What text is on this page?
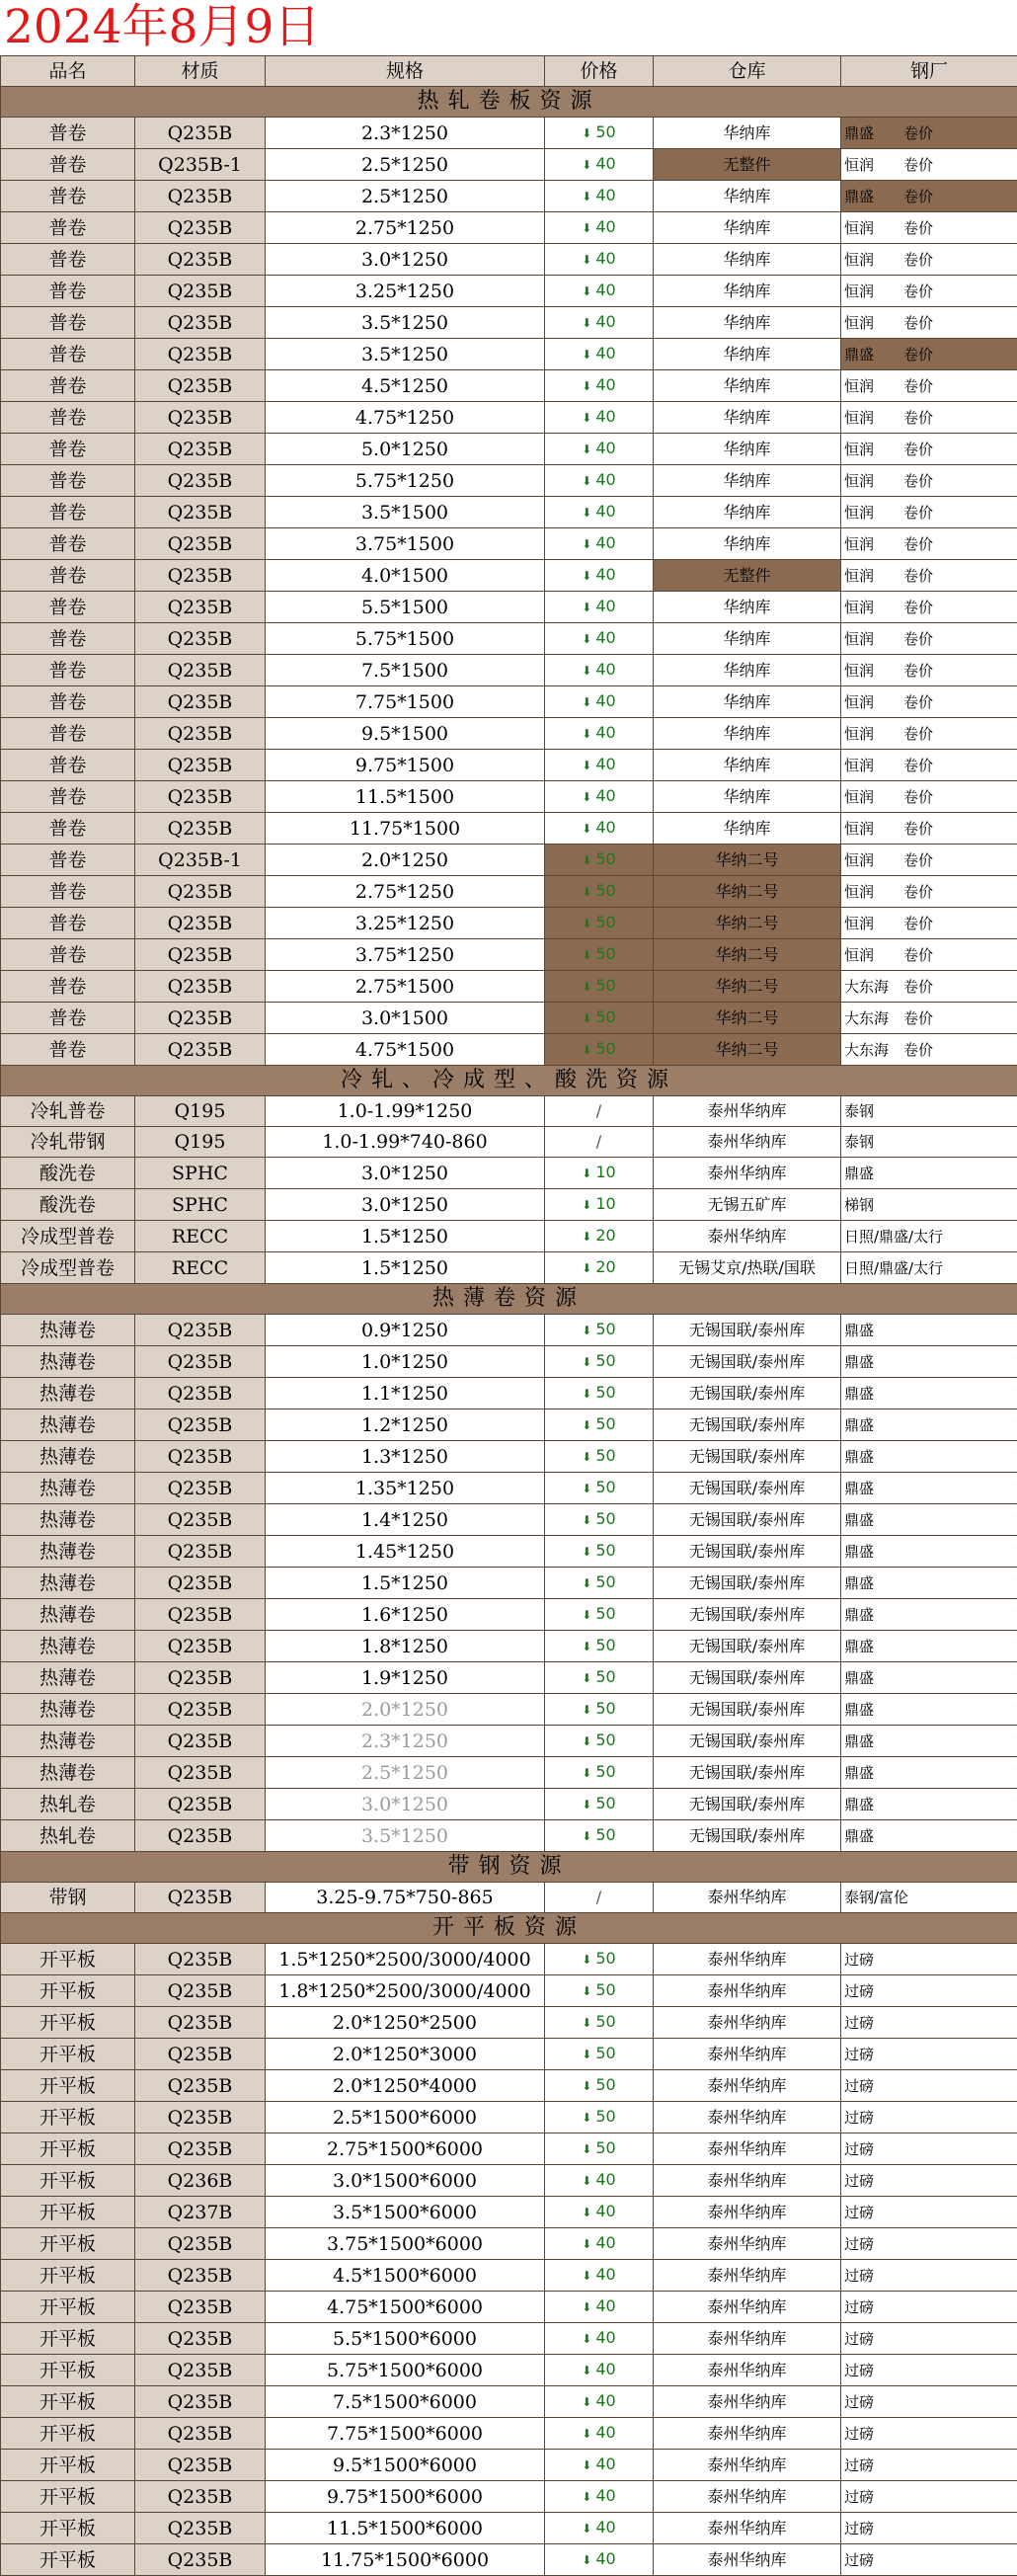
2024年8月9日
品名	材质	规格	价格	仓库	钢厂
热轧卷板资源					
普卷	Q235B	2.3*1250	⬇ 50	华纳库	鼎盛　　卷价
普卷	Q235B-1	2.5*1250	⬇ 40	无整件	恒润　　卷价
普卷	Q235B	2.5*1250	⬇ 40	华纳库	鼎盛　　卷价
普卷	Q235B	2.75*1250	⬇ 40	华纳库	恒润　　卷价
普卷	Q235B	3.0*1250	⬇ 40	华纳库	恒润　　卷价
普卷	Q235B	3.25*1250	⬇ 40	华纳库	恒润　　卷价
普卷	Q235B	3.5*1250	⬇ 40	华纳库	恒润　　卷价
普卷	Q235B	3.5*1250	⬇ 40	华纳库	鼎盛　　卷价
普卷	Q235B	4.5*1250	⬇ 40	华纳库	恒润　　卷价
普卷	Q235B	4.75*1250	⬇ 40	华纳库	恒润　　卷价
普卷	Q235B	5.0*1250	⬇ 40	华纳库	恒润　　卷价
普卷	Q235B	5.75*1250	⬇ 40	华纳库	恒润　　卷价
普卷	Q235B	3.5*1500	⬇ 40	华纳库	恒润　　卷价
普卷	Q235B	3.75*1500	⬇ 40	华纳库	恒润　　卷价
普卷	Q235B	4.0*1500	⬇ 40	无整件	恒润　　卷价
普卷	Q235B	5.5*1500	⬇ 40	华纳库	恒润　　卷价
普卷	Q235B	5.75*1500	⬇ 40	华纳库	恒润　　卷价
普卷	Q235B	7.5*1500	⬇ 40	华纳库	恒润　　卷价
普卷	Q235B	7.75*1500	⬇ 40	华纳库	恒润　　卷价
普卷	Q235B	9.5*1500	⬇ 40	华纳库	恒润　　卷价
普卷	Q235B	9.75*1500	⬇ 40	华纳库	恒润　　卷价
普卷	Q235B	11.5*1500	⬇ 40	华纳库	恒润　　卷价
普卷	Q235B	11.75*1500	⬇ 40	华纳库	恒润　　卷价
普卷	Q235B-1	2.0*1250	⬇ 50	华纳二号	恒润　　卷价
普卷	Q235B	2.75*1250	⬇ 50	华纳二号	恒润　　卷价
普卷	Q235B	3.25*1250	⬇ 50	华纳二号	恒润　　卷价
普卷	Q235B	3.75*1250	⬇ 50	华纳二号	恒润　　卷价
普卷	Q235B	2.75*1500	⬇ 50	华纳二号	大东海　卷价
普卷	Q235B	3.0*1500	⬇ 50	华纳二号	大东海　卷价
普卷	Q235B	4.75*1500	⬇ 50	华纳二号	大东海　卷价
冷轧、冷成型、酸洗资源					
冷轧普卷	Q195	1.0-1.99*1250	/	泰州华纳库	泰钢
冷轧带钢	Q195	1.0-1.99*740-860	/	泰州华纳库	泰钢
酸洗卷	SPHC	3.0*1250	⬇ 10	泰州华纳库	鼎盛
酸洗卷	SPHC	3.0*1250	⬇ 10	无锡五矿库	梯钢
冷成型普卷	RECC	1.5*1250	⬇ 20	泰州华纳库	日照/鼎盛/太行
冷成型普卷	RECC	1.5*1250	⬇ 20	无锡艾京/热联/国联	日照/鼎盛/太行
热薄卷资源					
热薄卷	Q235B	0.9*1250	⬇ 50	无锡国联/泰州库	鼎盛
热薄卷	Q235B	1.0*1250	⬇ 50	无锡国联/泰州库	鼎盛
热薄卷	Q235B	1.1*1250	⬇ 50	无锡国联/泰州库	鼎盛
热薄卷	Q235B	1.2*1250	⬇ 50	无锡国联/泰州库	鼎盛
热薄卷	Q235B	1.3*1250	⬇ 50	无锡国联/泰州库	鼎盛
热薄卷	Q235B	1.35*1250	⬇ 50	无锡国联/泰州库	鼎盛
热薄卷	Q235B	1.4*1250	⬇ 50	无锡国联/泰州库	鼎盛
热薄卷	Q235B	1.45*1250	⬇ 50	无锡国联/泰州库	鼎盛
热薄卷	Q235B	1.5*1250	⬇ 50	无锡国联/泰州库	鼎盛
热薄卷	Q235B	1.6*1250	⬇ 50	无锡国联/泰州库	鼎盛
热薄卷	Q235B	1.8*1250	⬇ 50	无锡国联/泰州库	鼎盛
热薄卷	Q235B	1.9*1250	⬇ 50	无锡国联/泰州库	鼎盛
热薄卷	Q235B	2.0*1250	⬇ 50	无锡国联/泰州库	鼎盛
热薄卷	Q235B	2.3*1250	⬇ 50	无锡国联/泰州库	鼎盛
热薄卷	Q235B	2.5*1250	⬇ 50	无锡国联/泰州库	鼎盛
热轧卷	Q235B	3.0*1250	⬇ 50	无锡国联/泰州库	鼎盛
热轧卷	Q235B	3.5*1250	⬇ 50	无锡国联/泰州库	鼎盛
带钢资源					
带钢	Q235B	3.25-9.75*750-865	/	泰州华纳库	泰钢/富伦
开平板资源					
开平板	Q235B	1.5*1250*2500/3000/4000	⬇ 50	泰州华纳库	过磅
开平板	Q235B	1.8*1250*2500/3000/4000	⬇ 50	泰州华纳库	过磅
开平板	Q235B	2.0*1250*2500	⬇ 50	泰州华纳库	过磅
开平板	Q235B	2.0*1250*3000	⬇ 50	泰州华纳库	过磅
开平板	Q235B	2.0*1250*4000	⬇ 50	泰州华纳库	过磅
开平板	Q235B	2.5*1500*6000	⬇ 50	泰州华纳库	过磅
开平板	Q235B	2.75*1500*6000	⬇ 50	泰州华纳库	过磅
开平板	Q236B	3.0*1500*6000	⬇ 40	泰州华纳库	过磅
开平板	Q237B	3.5*1500*6000	⬇ 40	泰州华纳库	过磅
开平板	Q235B	3.75*1500*6000	⬇ 40	泰州华纳库	过磅
开平板	Q235B	4.5*1500*6000	⬇ 40	泰州华纳库	过磅
开平板	Q235B	4.75*1500*6000	⬇ 40	泰州华纳库	过磅
开平板	Q235B	5.5*1500*6000	⬇ 40	泰州华纳库	过磅
开平板	Q235B	5.75*1500*6000	⬇ 40	泰州华纳库	过磅
开平板	Q235B	7.5*1500*6000	⬇ 40	泰州华纳库	过磅
开平板	Q235B	7.75*1500*6000	⬇ 40	泰州华纳库	过磅
开平板	Q235B	9.5*1500*6000	⬇ 40	泰州华纳库	过磅
开平板	Q235B	9.75*1500*6000	⬇ 40	泰州华纳库	过磅
开平板	Q235B	11.5*1500*6000	⬇ 40	泰州华纳库	过磅
开平板	Q235B	11.75*1500*6000	⬇ 40	泰州华纳库	过磅
